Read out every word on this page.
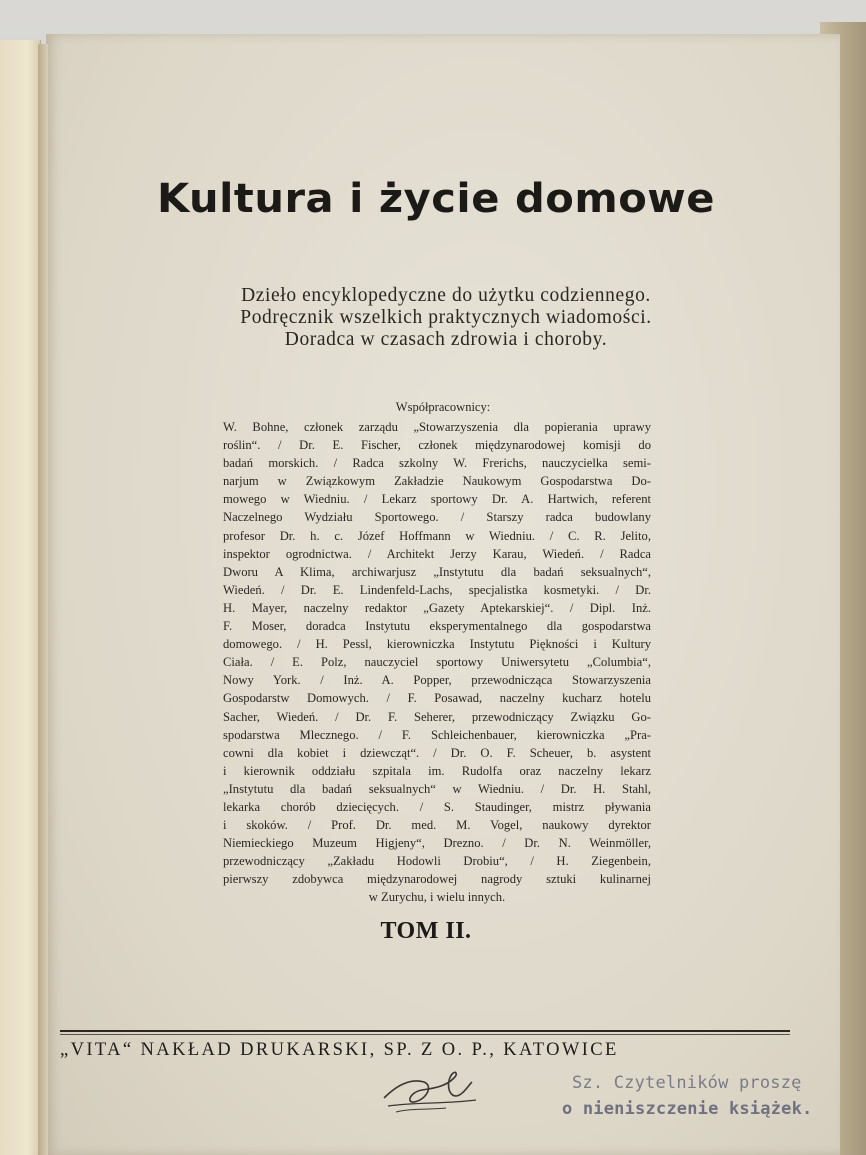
Kultura i życie domowe

Dzieło encyklopedyczne do użytku codziennego.

Podręcznik wszelkich praktycznych wiadomości.

Doradca w czasach zdrowia i choroby.

Współpracownicy:
W. Bohne, członek zarządu „Stowarzyszenia dla popierania uprawy
roślin“. / Dr. E. Fischer, członek międzynarodowej komisji do
badań morskich. / Radca szkolny W. Frerichs, nauczycielka semi-
narjum w Związkowym Zakładzie Naukowym Gospodarstwa Do-
mowego w Wiedniu. / Lekarz sportowy Dr. A. Hartwich, referent
Naczelnego Wydziału Sportowego. / Starszy radca budowlany
profesor Dr. h. c. Józef Hoffmann w Wiedniu. / C. R. Jelito,
inspektor ogrodnictwa. / Architekt Jerzy Karau, Wiedeń. / Radca
Dworu A Klima, archiwarjusz „Instytutu dla badań seksualnych“,
Wiedeń. / Dr. E. Lindenfeld-Lachs, specjalistka kosmetyki. / Dr.
H. Mayer, naczelny redaktor „Gazety Aptekarskiej“. / Dipl. Inż.
F. Moser, doradca Instytutu eksperymentalnego dla gospodarstwa
domowego. / H. Pessl, kierowniczka Instytutu Piękności i Kultury
Ciała. / E. Polz, nauczyciel sportowy Uniwersytetu „Columbia“,
Nowy York. / Inż. A. Popper, przewodnicząca Stowarzyszenia
Gospodarstw Domowych. / F. Posawad, naczelny kucharz hotelu
Sacher, Wiedeń. / Dr. F. Seherer, przewodniczący Związku Go-
spodarstwa Mlecznego. / F. Schleichenbauer, kierowniczka „Pra-
cowni dla kobiet i dziewcząt“. / Dr. O. F. Scheuer, b. asystent
i kierownik oddziału szpitala im. Rudolfa oraz naczelny lekarz
„Instytutu dla badań seksualnych“ w Wiedniu. / Dr. H. Stahl,
lekarka chorób dziecięcych. / S. Staudinger, mistrz pływania
i skoków. / Prof. Dr. med. M. Vogel, naukowy dyrektor
Niemieckiego Muzeum Higjeny“, Drezno. / Dr. N. Weinmöller,
przewodniczący „Zakładu Hodowli Drobiu“, / H. Ziegenbein,
pierwszy zdobywca międzynarodowej nagrody sztuki kulinarnej
w Zurychu, i wielu innych.
TOM II.
„VITA“ NAKŁAD DRUKARSKI, SP. Z O. P., KATOWICE
Sz. Czytelników proszę
o nieniszczenie książek.
